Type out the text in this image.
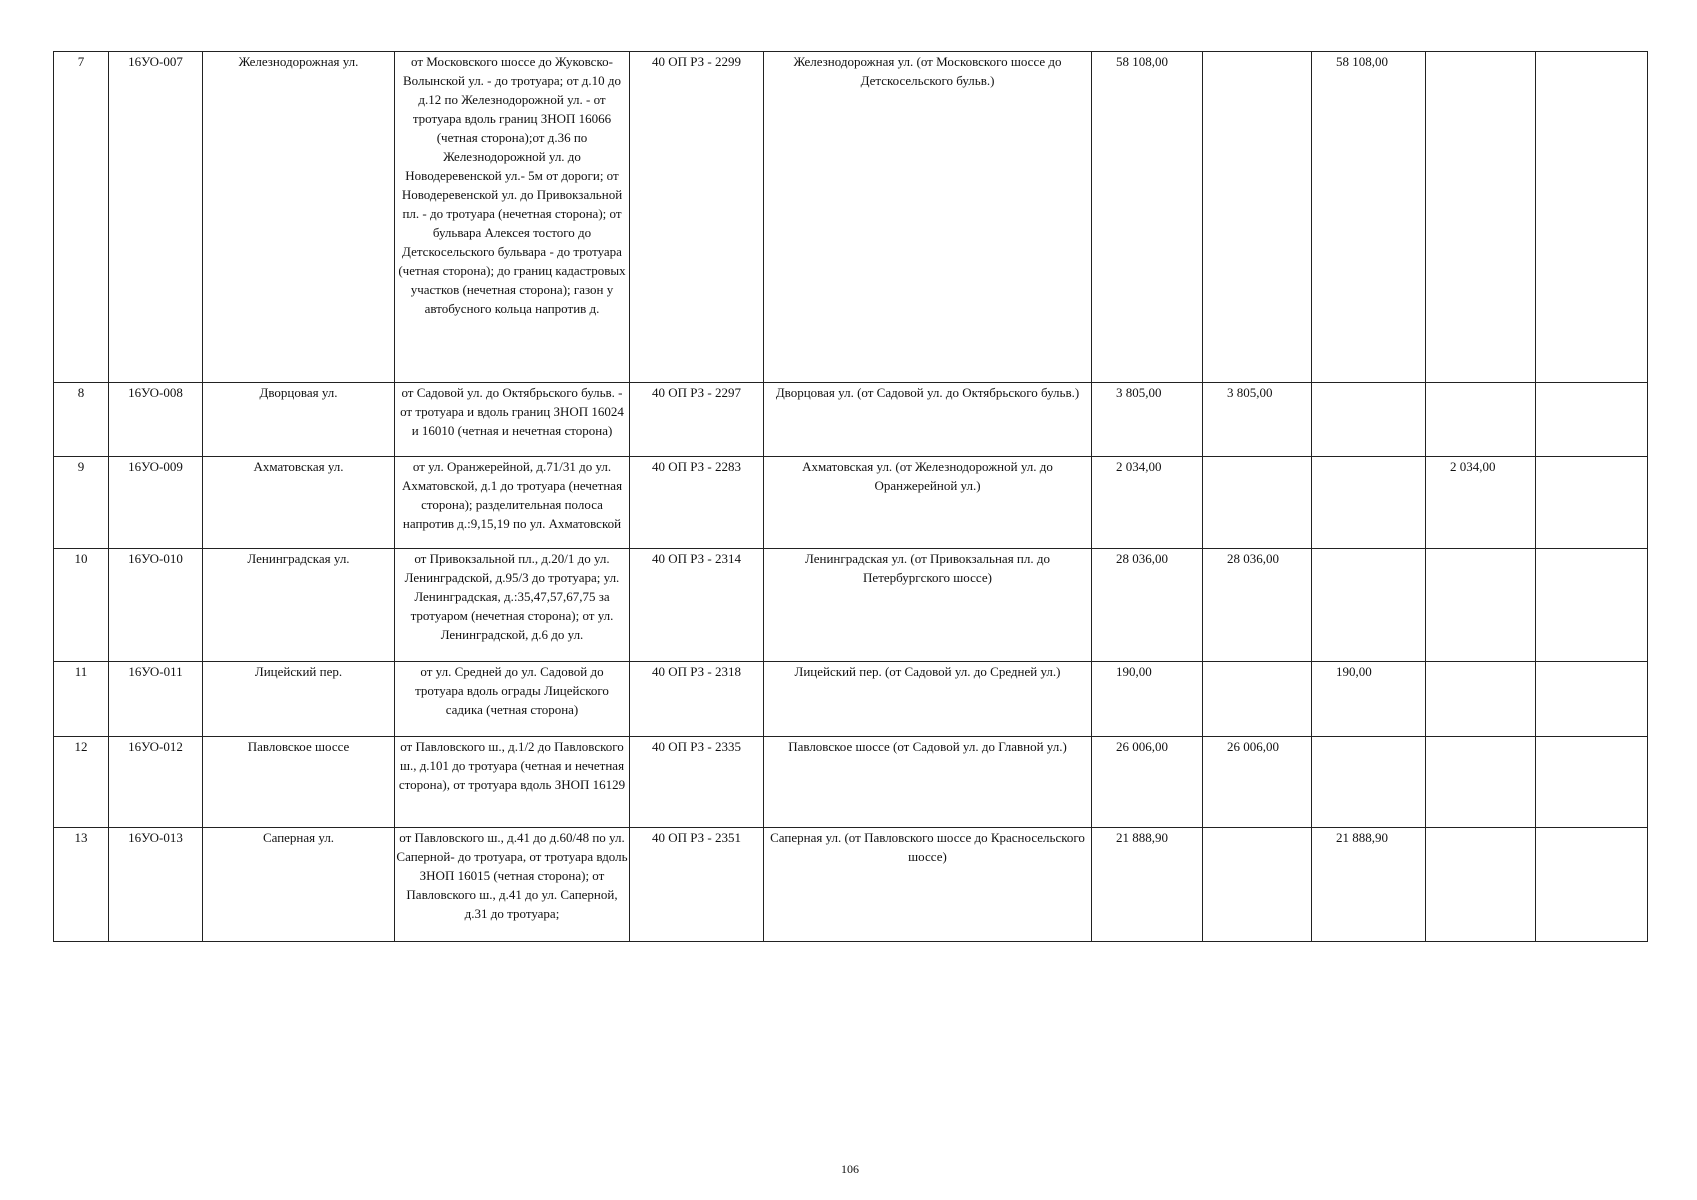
7	16УО-007	Железнодорожная ул.	от Московского шоссе до Жуковско-Волынской ул. - до тротуара; от д.10 до д.12 по Железнодорожной ул. - от тротуара вдоль границ ЗНОП 16066 (четная сторона);от д.36 по Железнодорожной ул. до Новодеревенской ул.- 5м от дороги; от Новодеревенской ул. до Привокзальной пл. - до тротуара (нечетная сторона); от бульвара Алексея тостого до Детскосельского бульвара - до тротуара (четная сторона); до границ кадастровых участков (нечетная сторона); газон у автобусного кольца напротив д.	40 ОП РЗ - 2299	Железнодорожная ул. (от Московского шоссе до Детскосельского бульв.)	58 108,00		58 108,00		
8	16УО-008	Дворцовая ул.	от Садовой ул. до Октябрьского бульв. - от тротуара и вдоль границ ЗНОП 16024 и 16010 (четная и нечетная сторона)	40 ОП РЗ - 2297	Дворцовая ул. (от Садовой ул. до Октябрьского бульв.)	3 805,00	3 805,00			
9	16УО-009	Ахматовская ул.	от ул. Оранжерейной, д.71/31 до ул. Ахматовской, д.1 до тротуара (нечетная сторона); разделительная полоса напротив д.:9,15,19 по ул. Ахматовской	40 ОП РЗ - 2283	Ахматовская ул. (от Железнодорожной ул. до Оранжерейной ул.)	2 034,00			2 034,00	
10	16УО-010	Ленинградская ул.	от Привокзальной пл., д.20/1 до ул. Ленинградской, д.95/3 до тротуара; ул. Ленинградская, д.:35,47,57,67,75 за тротуаром (нечетная сторона); от ул. Ленинградской, д.6 до ул.	40 ОП РЗ - 2314	Ленинградская ул. (от Привокзальная пл. до Петербургского шоссе)	28 036,00	28 036,00			
11	16УО-011	Лицейский пер.	от ул. Средней до ул. Садовой до тротуара вдоль ограды Лицейского садика (четная сторона)	40 ОП РЗ - 2318	Лицейский пер. (от Садовой ул. до Средней ул.)	190,00		190,00		
12	16УО-012	Павловское шоссе	от Павловского ш., д.1/2 до Павловского ш., д.101 до тротуара (четная и нечетная сторона), от тротуара вдоль ЗНОП 16129	40 ОП РЗ - 2335	Павловское шоссе (от Садовой ул. до Главной ул.)	26 006,00	26 006,00			
13	16УО-013	Саперная ул.	от Павловского ш., д.41 до д.60/48 по ул. Саперной- до тротуара, от тротуара вдоль ЗНОП 16015 (четная сторона); от Павловского ш., д.41 до ул. Саперной, д.31 до тротуара;	40 ОП РЗ - 2351	Саперная ул. (от Павловского шоссе до Красносельского шоссе)	21 888,90		21 888,90		
106
